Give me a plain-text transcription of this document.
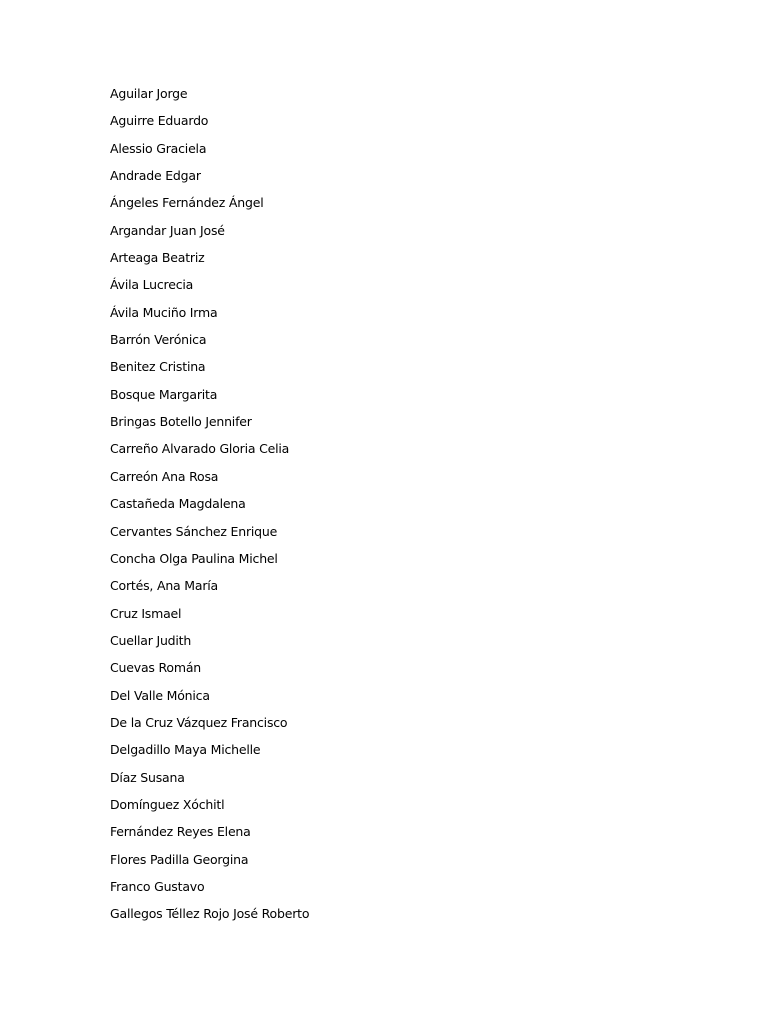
Aguilar Jorge
Aguirre Eduardo
Alessio Graciela
Andrade Edgar
Ángeles Fernández Ángel
Argandar Juan José
Arteaga Beatriz
Ávila Lucrecia
Ávila Muciño Irma
Barrón Verónica
Benitez Cristina
Bosque Margarita
Bringas Botello Jennifer
Carreño Alvarado Gloria Celia
Carreón Ana Rosa
Castañeda Magdalena
Cervantes Sánchez Enrique
Concha Olga Paulina Michel
Cortés, Ana María
Cruz Ismael
Cuellar Judith
Cuevas Román
Del Valle Mónica
De la Cruz Vázquez Francisco
Delgadillo Maya Michelle
Díaz Susana
Domínguez Xóchitl
Fernández Reyes Elena
Flores Padilla Georgina
Franco Gustavo
Gallegos Téllez Rojo José Roberto
